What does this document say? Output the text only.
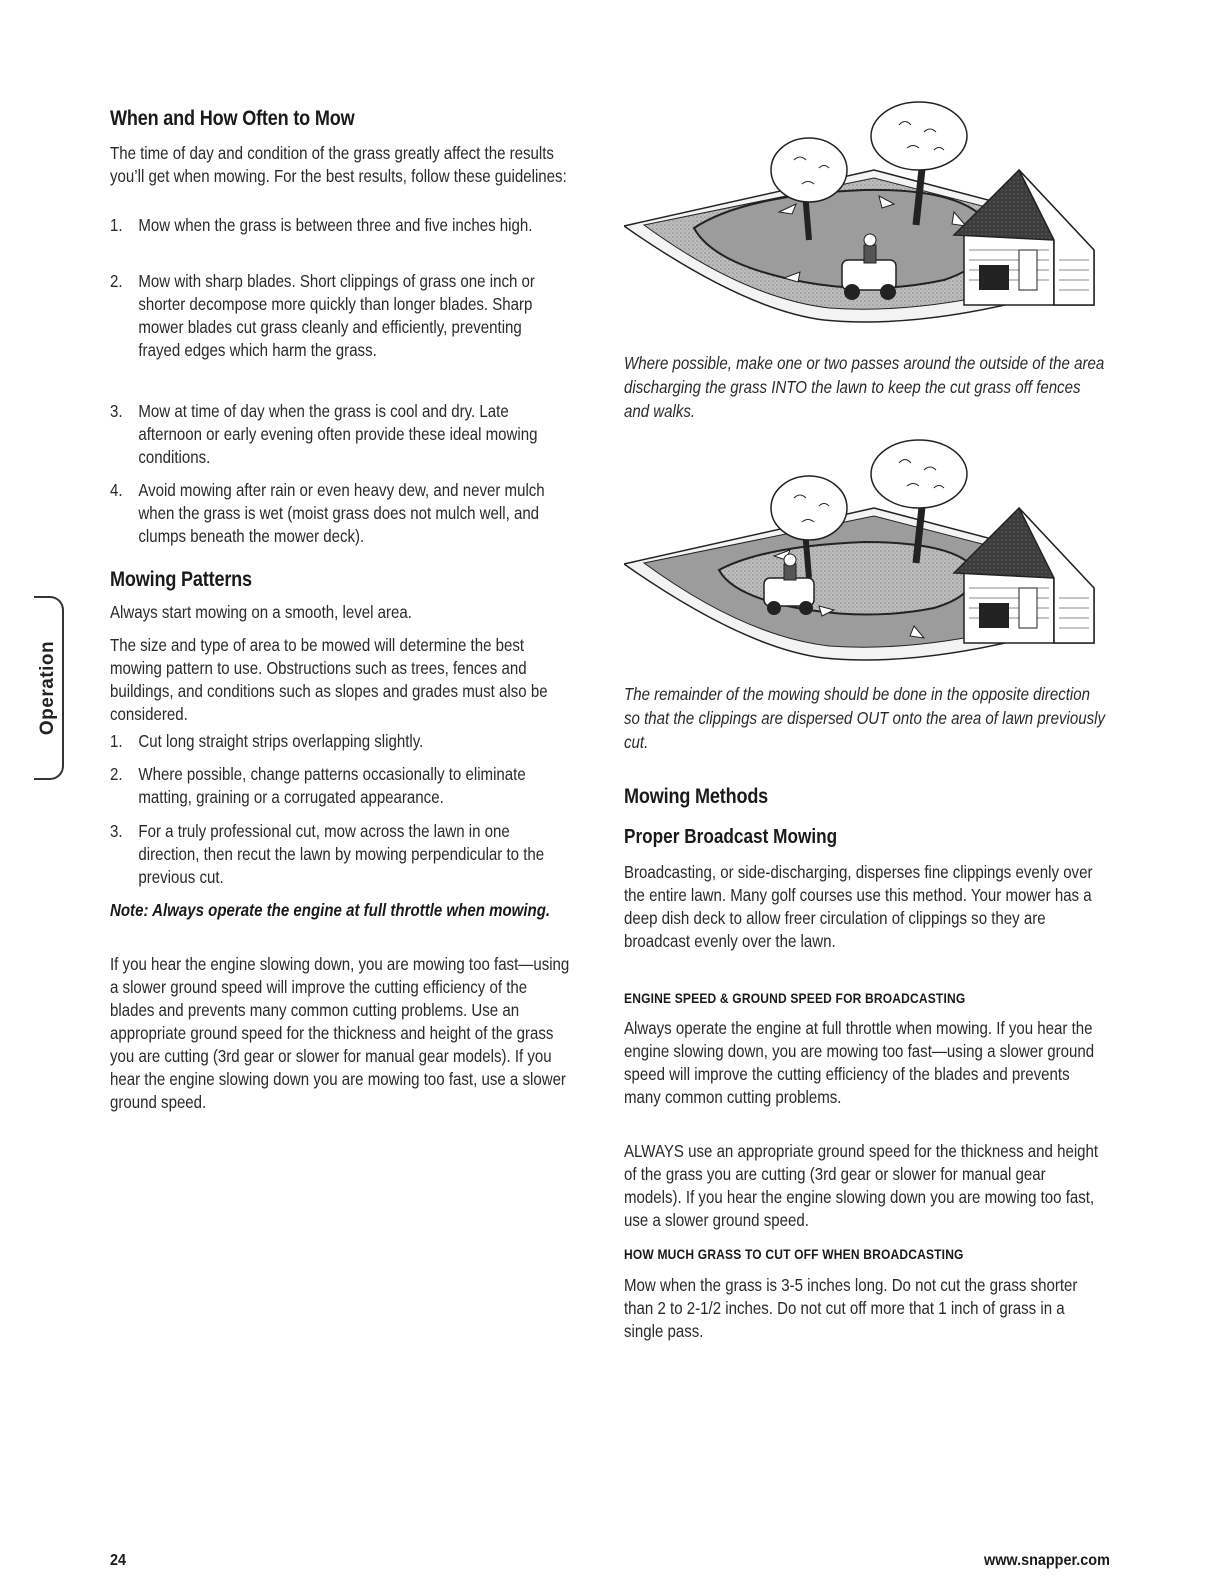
Operation
When and How Often to Mow
The time of day and condition of the grass greatly affect the results you’ll get when mowing. For the best results, follow these guidelines:
1. Mow when the grass is between three and five inches high.
2. Mow with sharp blades. Short clippings of grass one inch or shorter decompose more quickly than longer blades. Sharp mower blades cut grass cleanly and efficiently, preventing frayed edges which harm the grass.
3. Mow at time of day when the grass is cool and dry. Late afternoon or early evening often provide these ideal mowing conditions.
4. Avoid mowing after rain or even heavy dew, and never mulch when the grass is wet (moist grass does not mulch well, and clumps beneath the mower deck).
Mowing Patterns
Always start mowing on a smooth, level area.
The size and type of area to be mowed will determine the best mowing pattern to use. Obstructions such as trees, fences and buildings, and conditions such as slopes and grades must also be considered.
1. Cut long straight strips overlapping slightly.
2. Where possible, change patterns occasionally to eliminate matting, graining or a corrugated appearance.
3. For a truly professional cut, mow across the lawn in one direction, then recut the lawn by mowing perpendicular to the previous cut.
Note: Always operate the engine at full throttle when mowing.
If you hear the engine slowing down, you are mowing too fast—using a slower ground speed will improve the cutting efficiency of the blades and prevents many common cutting problems. Use an appropriate ground speed for the thickness and height of the grass you are cutting (3rd gear or slower for manual gear models). If you hear the engine slowing down you are mowing too fast, use a slower ground speed.
Where possible, make one or two passes around the outside of the area discharging the grass INTO the lawn to keep the cut grass off fences and walks.
The remainder of the mowing should be done in the opposite direction so that the clippings are dispersed OUT onto the area of lawn previously cut.
Mowing Methods
Proper Broadcast Mowing
Broadcasting, or side-discharging, disperses fine clippings evenly over the entire lawn. Many golf courses use this method. Your mower has a deep dish deck to allow freer circulation of clippings so they are broadcast evenly over the lawn.
ENGINE SPEED & GROUND SPEED FOR BROADCASTING
Always operate the engine at full throttle when mowing. If you hear the engine slowing down, you are mowing too fast—using a slower ground speed will improve the cutting efficiency of the blades and prevents many common cutting problems.
ALWAYS use an appropriate ground speed for the thickness and height of the grass you are cutting (3rd gear or slower for manual gear models). If you hear the engine slowing down you are mowing too fast, use a slower ground speed.
HOW MUCH GRASS TO CUT OFF WHEN BROADCASTING
Mow when the grass is 3-5 inches long. Do not cut the grass shorter than 2 to 2-1/2 inches. Do not cut off more that 1 inch of grass in a single pass.
24	www.snapper.com
